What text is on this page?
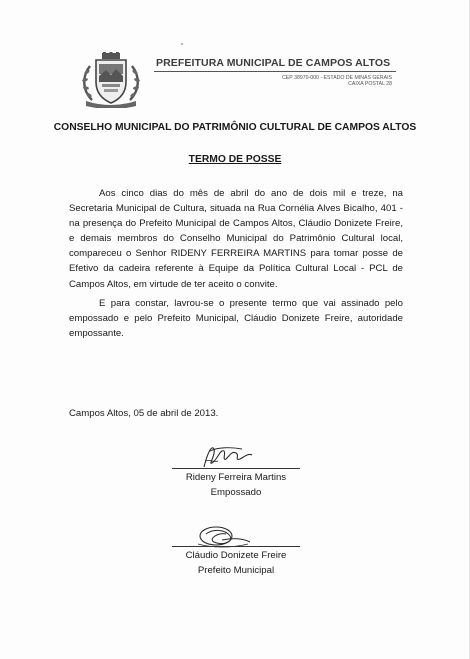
PREFEITURA MUNICIPAL DE CAMPOS ALTOS
CEP 38970-000 - ESTADO DE MINAS GERAIS
CAIXA POSTAL 28
CONSELHO MUNICIPAL DO PATRIMÔNIO CULTURAL DE CAMPOS ALTOS
TERMO DE POSSE

Aos cinco dias do mês de abril do ano de dois mil e treze, na Secretaria Municipal de Cultura, situada na Rua Cornélia Alves Bicalho, 401 - na presença do Prefeito Municipal de Campos Altos, Cláudio Donizete Freire, e demais membros do Conselho Municipal do Patrimônio Cultural local, compareceu o Senhor RIDENY FERREIRA MARTINS para tomar posse de Efetivo da cadeira referente à Equipe da Política Cultural Local - PCL de Campos Altos, em virtude de ter aceito o convite.

E para constar, lavrou-se o presente termo que vai assinado pelo empossado e pelo Prefeito Municipal, Cláudio Donizete Freire, autoridade empossante.

Campos Altos, 05 de abril de 2013.
Rideny Ferreira Martins
Empossado
Cláudio Donizete Freire
Prefeito Municipal
